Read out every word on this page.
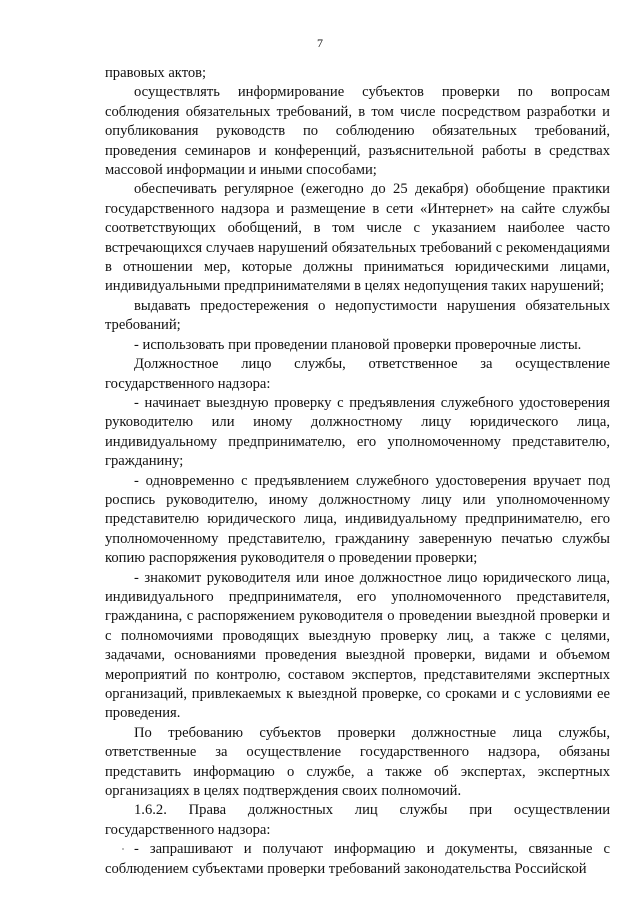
7

правовых актов;

осуществлять информирование субъектов проверки по вопросам соблюдения обязательных требований, в том числе посредством разработки и опубликования руководств по соблюдению обязательных требований, проведения семинаров и конференций, разъяснительной работы в средствах массовой информации и иными способами;

обеспечивать регулярное (ежегодно до 25 декабря) обобщение практики государственного надзора и размещение в сети «Интернет» на сайте службы соответствующих обобщений, в том числе с указанием наиболее часто встречающихся случаев нарушений обязательных требований с рекомендациями в отношении мер, которые должны приниматься юридическими лицами, индивидуальными предпринимателями в целях недопущения таких нарушений;

выдавать предостережения о недопустимости нарушения обязательных требований;

- использовать при проведении плановой проверки проверочные листы.

Должностное лицо службы, ответственное за осуществление государственного надзора:

- начинает выездную проверку с предъявления служебного удостоверения руководителю или иному должностному лицу юридического лица, индивидуальному предпринимателю, его уполномоченному представителю, гражданину;

- одновременно с предъявлением служебного удостоверения вручает под роспись руководителю, иному должностному лицу или уполномоченному представителю юридического лица, индивидуальному предпринимателю, его уполномоченному представителю, гражданину заверенную печатью службы копию распоряжения руководителя о проведении проверки;

- знакомит руководителя или иное должностное лицо юридического лица, индивидуального предпринимателя, его уполномоченного представителя, гражданина, с распоряжением руководителя о проведении выездной проверки и с полномочиями проводящих выездную проверку лиц, а также с целями, задачами, основаниями проведения выездной проверки, видами и объемом мероприятий по контролю, составом экспертов, представителями экспертных организаций, привлекаемых к выездной проверке, со сроками и с условиями ее проведения.

По требованию субъектов проверки должностные лица службы, ответственные за осуществление государственного надзора, обязаны представить информацию о службе, а также об экспертах, экспертных организациях в целях подтверждения своих полномочий.

1.6.2. Права должностных лиц службы при осуществлении государственного надзора:

- запрашивают и получают информацию и документы, связанные с соблюдением субъектами проверки требований законодательства Российской
